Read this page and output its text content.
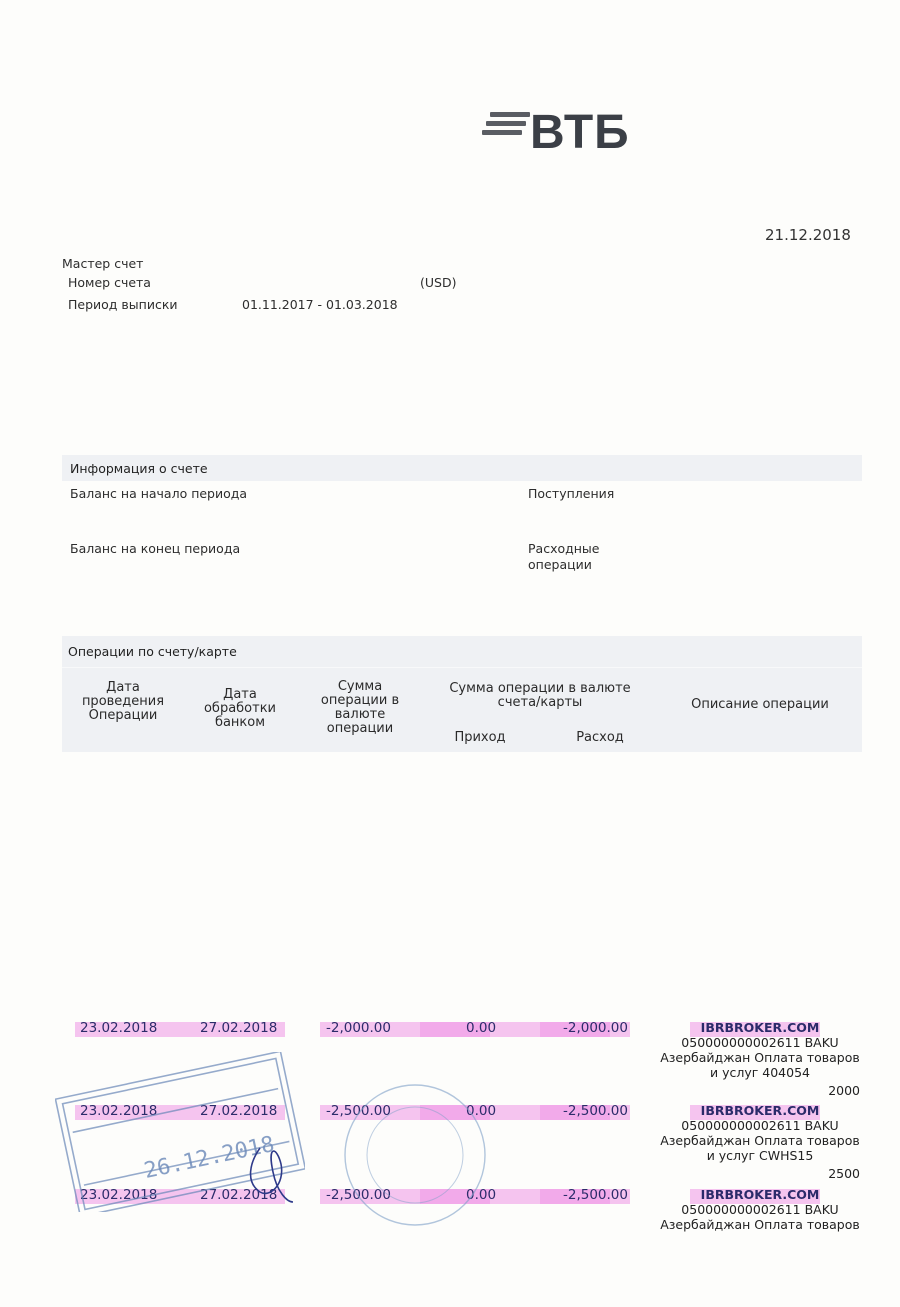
ВТБ
21.12.2018
Мастер счет
Номер счета	(USD)
Период выписки	01.11.2017 - 01.03.2018
Информация о счете
Баланс на начало периода	Поступления
Баланс на конец периода	Расходные
операции
Операции по счету/карте
Дата
проведения
Операции
Дата
обработки
банком
Сумма
операции в
валюте
операции
Сумма операции в валюте
счета/карты
Приход	Расход
Описание операции
23.02.2018	27.02.2018	-2,000.00	0.00	-2,000.00	IBRBROKER.COM
050000000002611 BAKU
Азербайджан Оплата товаров
и услуг 404054
2000
23.02.2018	27.02.2018	-2,500.00	0.00	-2,500.00	IBRBROKER.COM
050000000002611 BAKU
Азербайджан Оплата товаров
и услуг CWHS15
2500
23.02.2018	27.02.2018	-2,500.00	0.00	-2,500.00	IBRBROKER.COM
050000000002611 BAKU
Азербайджан Оплата товаров
26.12.2018
